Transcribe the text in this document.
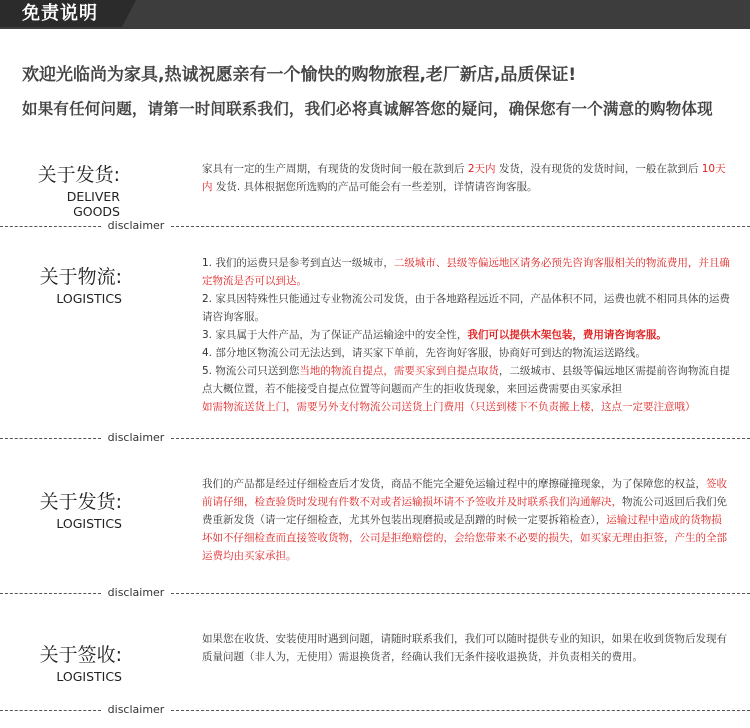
免责说明
欢迎光临尚为家具,热诚祝愿亲有一个愉快的购物旅程,老厂新店,品质保证!
如果有任何问题，请第一时间联系我们，我们必将真诚解答您的疑问，确保您有一个满意的购物体现
关于发货:
DELIVER GOODS
家具有一定的生产周期，有现货的发货时间一般在款到后 2天内 发货，没有现货的发货时间，一般在款到后 10天内 发货. 具体根据您所选购的产品可能会有一些差别，详情请咨询客服。
disclaimer
关于物流:
LOGISTICS
1. 我们的运费只是参考到直达一级城市，二级城市、县级等偏远地区请务必预先咨询客服相关的物流费用，并且确定物流是否可以到达。
2. 家具因特殊性只能通过专业物流公司发货，由于各地路程远近不同，产品体积不同，运费也就不相同具体的运费请咨询客服。
3. 家具属于大件产品，为了保证产品运输途中的安全性，我们可以提供木架包装，费用请咨询客服。
4. 部分地区物流公司无法达到，请买家下单前，先咨询好客服，协商好可到达的物流运送路线。
5. 物流公司只送到您当地的物流自提点，需要买家到自提点取货，二级城市、县级等偏远地区需提前咨询物流自提点大概位置，若不能接受自提点位置等问题而产生的拒收货现象，来回运费需要由买家承担
如需物流送货上门，需要另外支付物流公司送货上门费用（只送到楼下不负责搬上楼，这点一定要注意哦）
disclaimer
关于发货:
LOGISTICS
我们的产品都是经过仔细检查后才发货，商品不能完全避免运输过程中的摩擦碰撞现象，为了保障您的权益，签收前请仔细，检查验货时发现有件数不对或者运输损坏请不予签收并及时联系我们沟通解决，物流公司返回后我们免费重新发货（请一定仔细检查，尤其外包装出现磨损或是刮蹭的时候一定要拆箱检查），运输过程中造成的货物损坏如不仔细检查而直接签收货物，公司是拒绝赔偿的，会给您带来不必要的损失，如买家无理由拒签，产生的全部运费均由买家承担。
disclaimer
关于签收:
LOGISTICS
如果您在收货、安装使用时遇到问题，请随时联系我们，我们可以随时提供专业的知识，如果在收到货物后发现有质量问题（非人为，无使用）需退换货者，经确认我们无条件接收退换货，并负责相关的费用。
disclaimer
